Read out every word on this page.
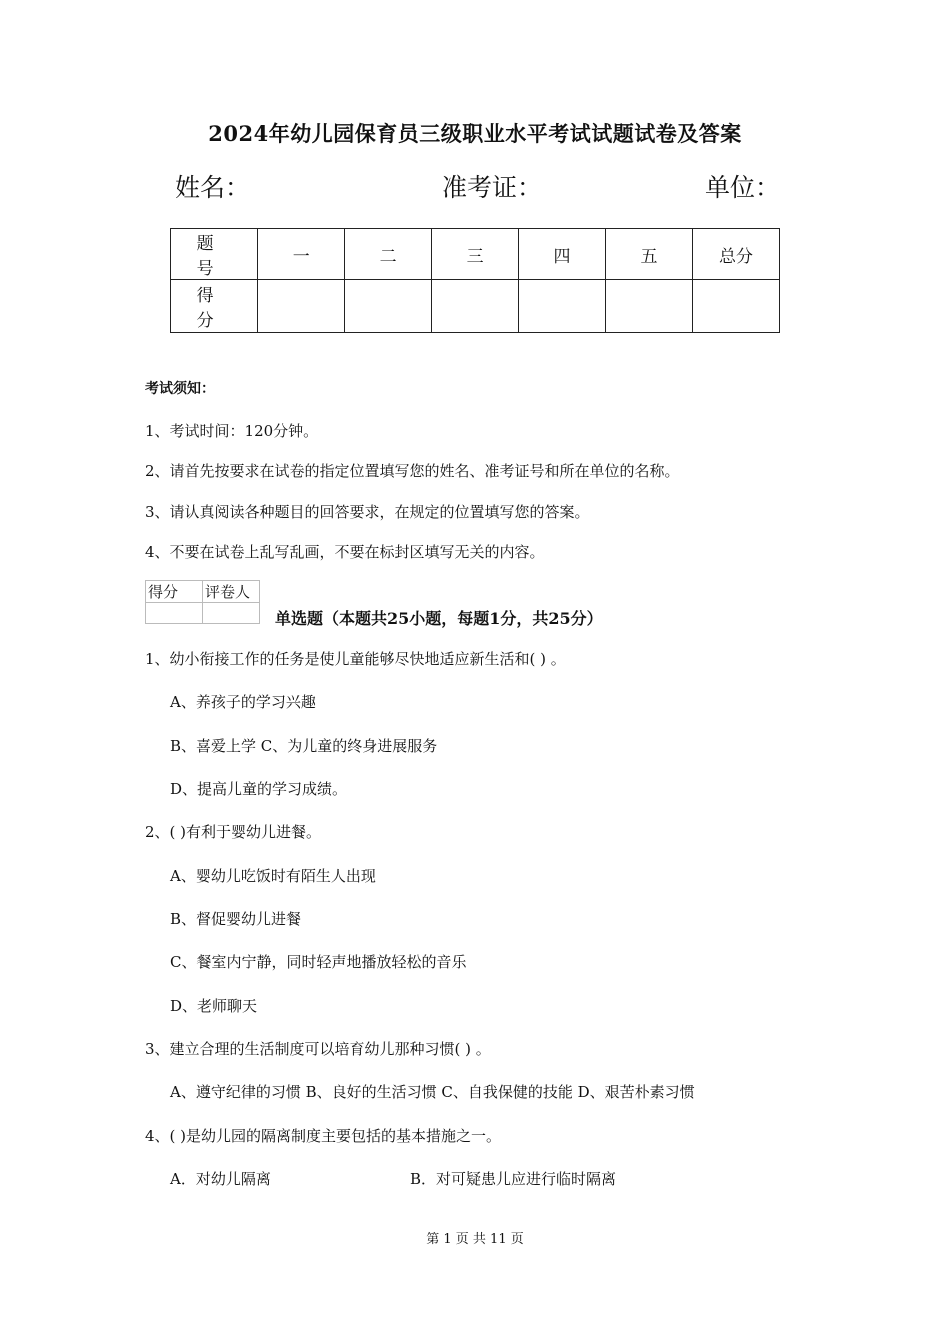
2024年幼儿园保育员三级职业水平考试试题试卷及答案
姓名：	准考证：	单位：
题 号	一	二	三	四	五	总分
得 分						
考试须知：
1、考试时间：120分钟。
2、请首先按要求在试卷的指定位置填写您的姓名、准考证号和所在单位的名称。
3、请认真阅读各种题目的回答要求，在规定的位置填写您的答案。
4、不要在试卷上乱写乱画，不要在标封区填写无关的内容。
得分	评卷人

单选题（本题共25小题，每题1分，共25分）
1、幼小衔接工作的任务是使儿童能够尽快地适应新生活和( ) 。
A、养孩子的学习兴趣
B、喜爱上学 C、为儿童的终身进展服务
D、提高儿童的学习成绩。
2、( )有利于婴幼儿进餐。
A、婴幼儿吃饭时有陌生人出现
B、督促婴幼儿进餐
C、餐室内宁静，同时轻声地播放轻松的音乐
D、老师聊天
3、建立合理的生活制度可以培育幼儿那种习惯( ) 。
A、遵守纪律的习惯 B、良好的生活习惯 C、自我保健的技能 D、艰苦朴素习惯
4、( )是幼儿园的隔离制度主要包括的基本措施之一。
A．对幼儿隔离	B．对可疑患儿应进行临时隔离
第 1 页 共 11 页
